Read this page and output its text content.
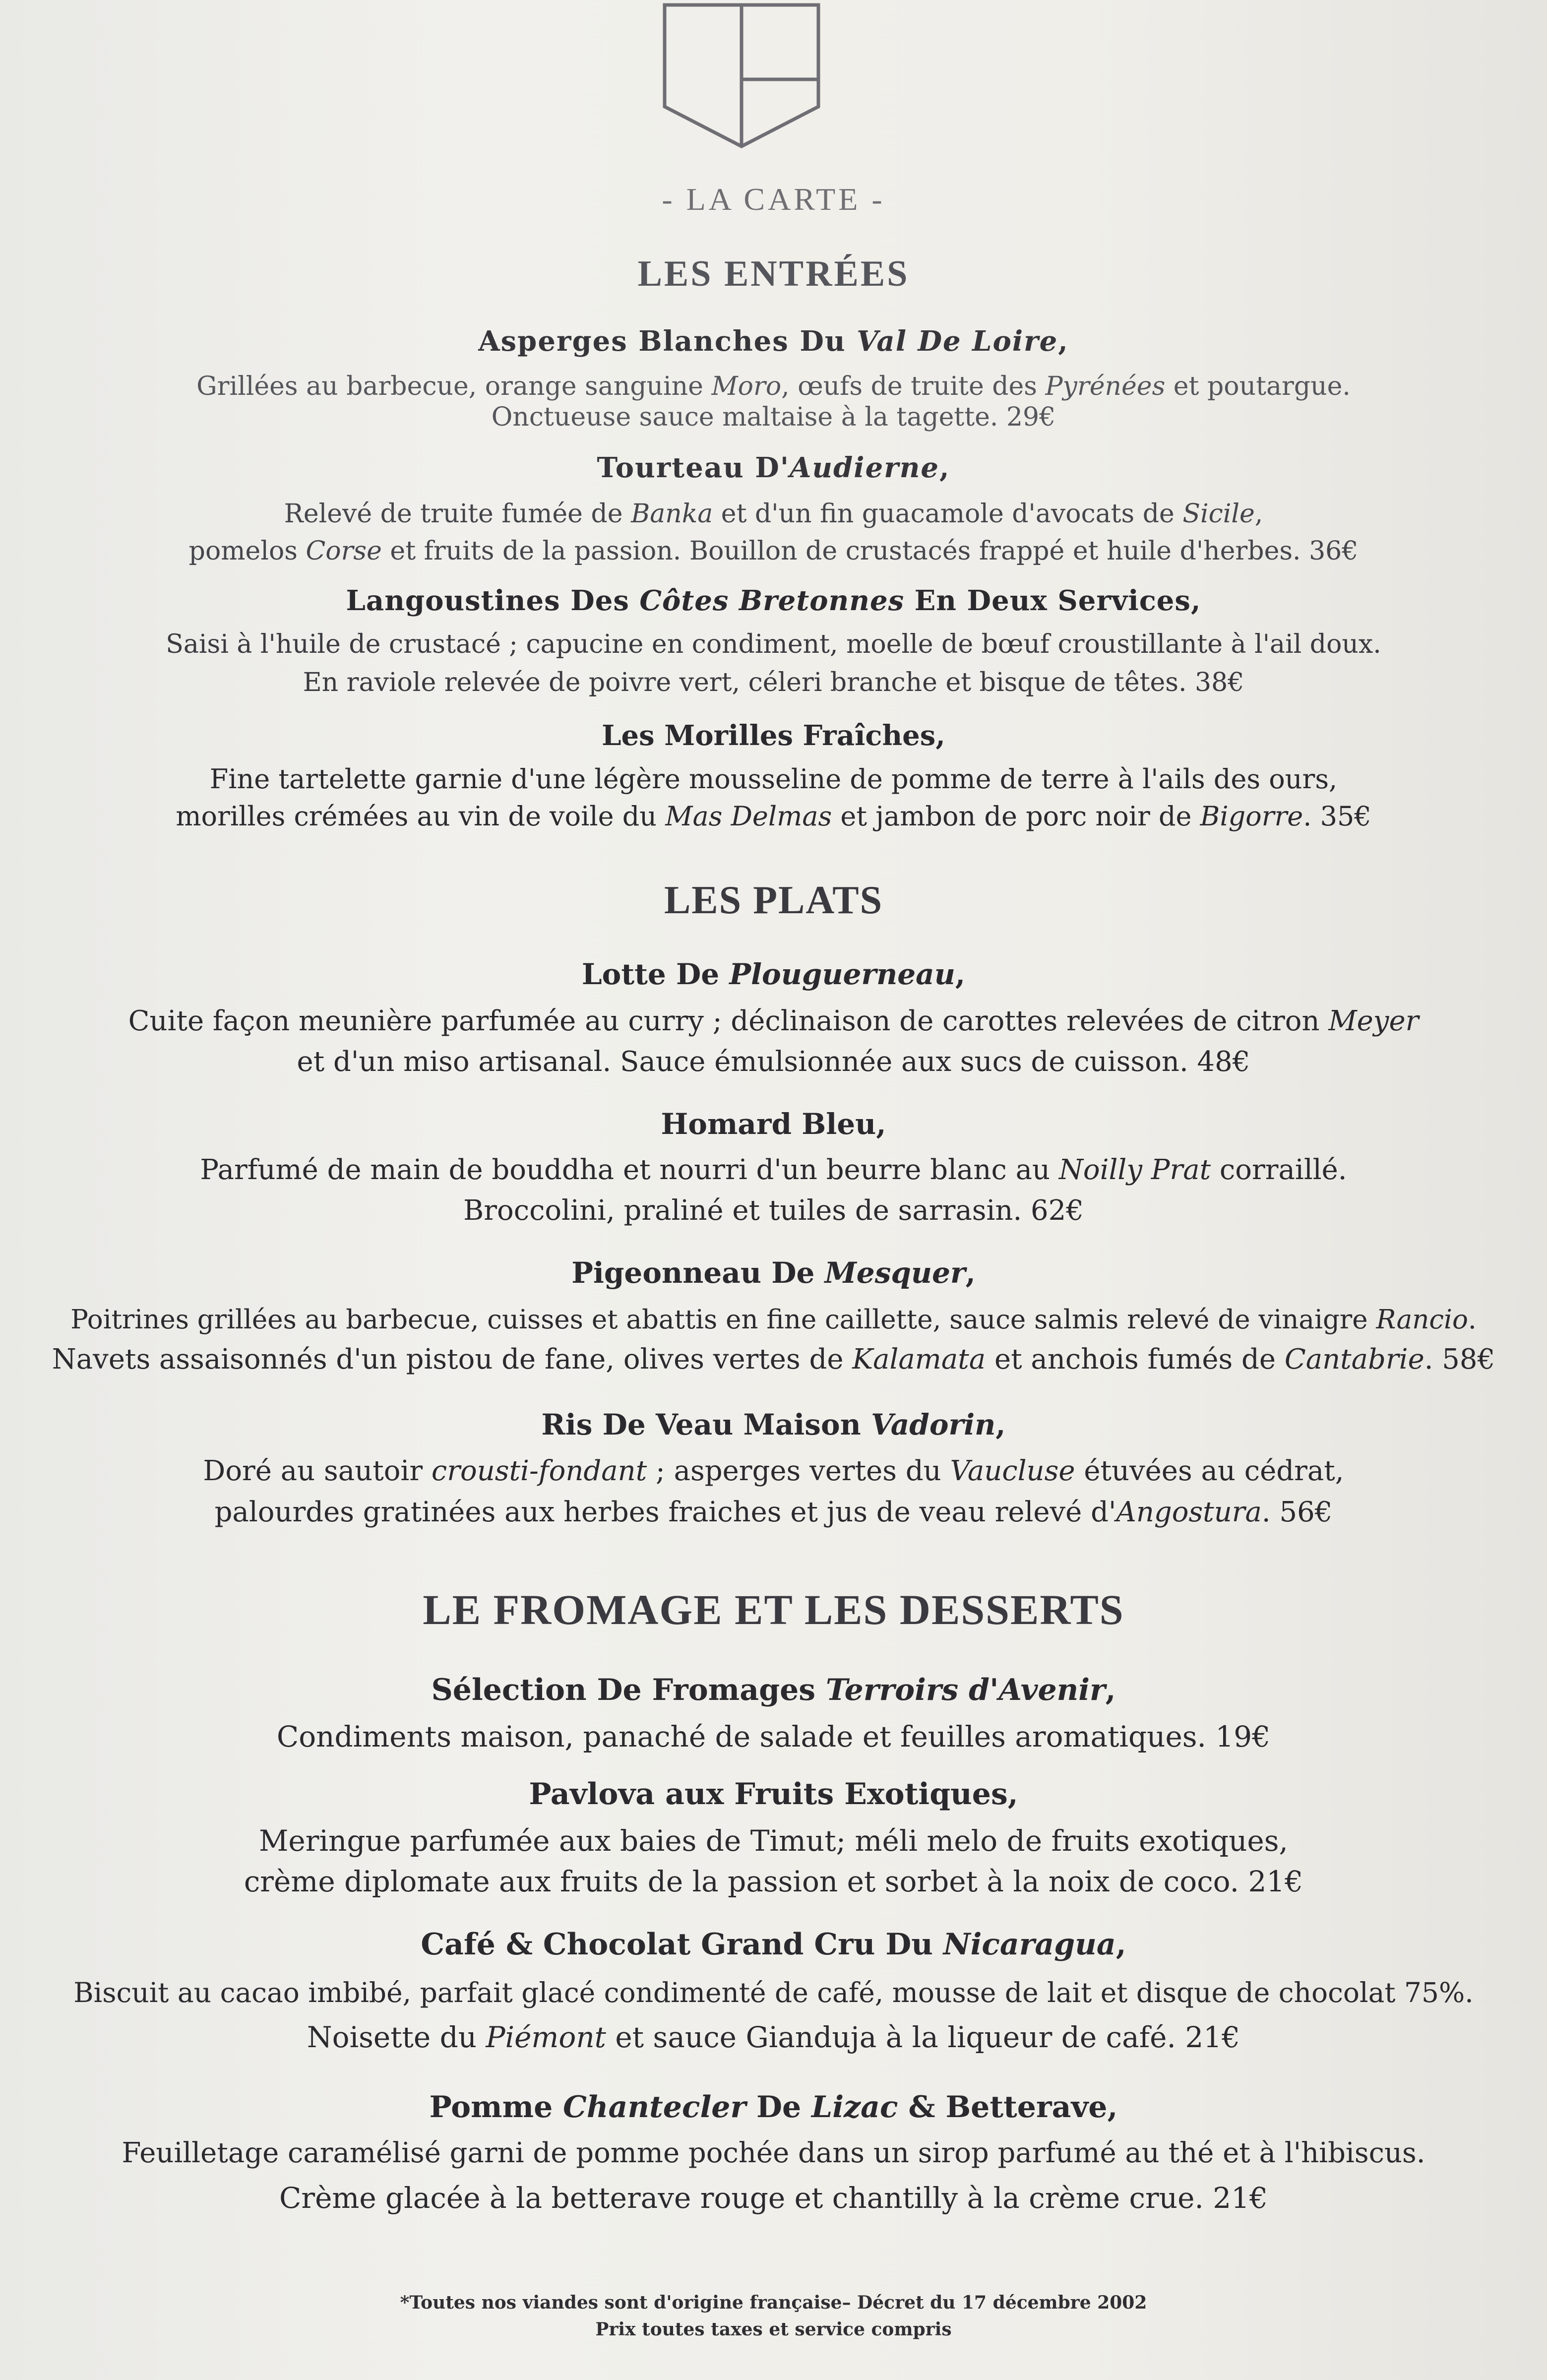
- LA CARTE -
LES ENTRÉES
LES PLATS
LE FROMAGE ET LES DESSERTS
Asperges Blanches Du Val De Loire,
Grillées au barbecue, orange sanguine Moro, œufs de truite des Pyrénées et poutargue.
Onctueuse sauce maltaise à la tagette. 29€
Tourteau D'Audierne,
Relevé de truite fumée de Banka et d'un fin guacamole d'avocats de Sicile,
pomelos Corse et fruits de la passion. Bouillon de crustacés frappé et huile d'herbes. 36€
Langoustines Des Côtes Bretonnes En Deux Services,
Saisi à l'huile de crustacé ; capucine en condiment, moelle de bœuf croustillante à l'ail doux.
En raviole relevée de poivre vert, céleri branche et bisque de têtes. 38€
Les Morilles Fraîches,
Fine tartelette garnie d'une légère mousseline de pomme de terre à l'ails des ours,
morilles crémées au vin de voile du Mas Delmas et jambon de porc noir de Bigorre. 35€
Lotte De Plouguerneau,
Cuite façon meunière parfumée au curry ; déclinaison de carottes relevées de citron Meyer
et d'un miso artisanal. Sauce émulsionnée aux sucs de cuisson. 48€
Homard Bleu,
Parfumé de main de bouddha et nourri d'un beurre blanc au Noilly Prat corraillé.
Broccolini, praliné et tuiles de sarrasin. 62€
Pigeonneau De Mesquer,
Poitrines grillées au barbecue, cuisses et abattis en fine caillette, sauce salmis relevé de vinaigre Rancio.
Navets assaisonnés d'un pistou de fane, olives vertes de Kalamata et anchois fumés de Cantabrie. 58€
Ris De Veau Maison Vadorin,
Doré au sautoir crousti-fondant ; asperges vertes du Vaucluse étuvées au cédrat,
palourdes gratinées aux herbes fraiches et jus de veau relevé d'Angostura. 56€
Sélection De Fromages Terroirs d'Avenir,
Condiments maison, panaché de salade et feuilles aromatiques. 19€
Pavlova aux Fruits Exotiques,
Meringue parfumée aux baies de Timut; méli melo de fruits exotiques,
crème diplomate aux fruits de la passion et sorbet à la noix de coco. 21€
Café & Chocolat Grand Cru Du Nicaragua,
Biscuit au cacao imbibé, parfait glacé condimenté de café, mousse de lait et disque de chocolat 75%.
Noisette du Piémont et sauce Gianduja à la liqueur de café. 21€
Pomme Chantecler De Lizac & Betterave,
Feuilletage caramélisé garni de pomme pochée dans un sirop parfumé au thé et à l'hibiscus.
Crème glacée à la betterave rouge et chantilly à la crème crue. 21€
*Toutes nos viandes sont d'origine française– Décret du 17 décembre 2002
Prix toutes taxes et service compris
